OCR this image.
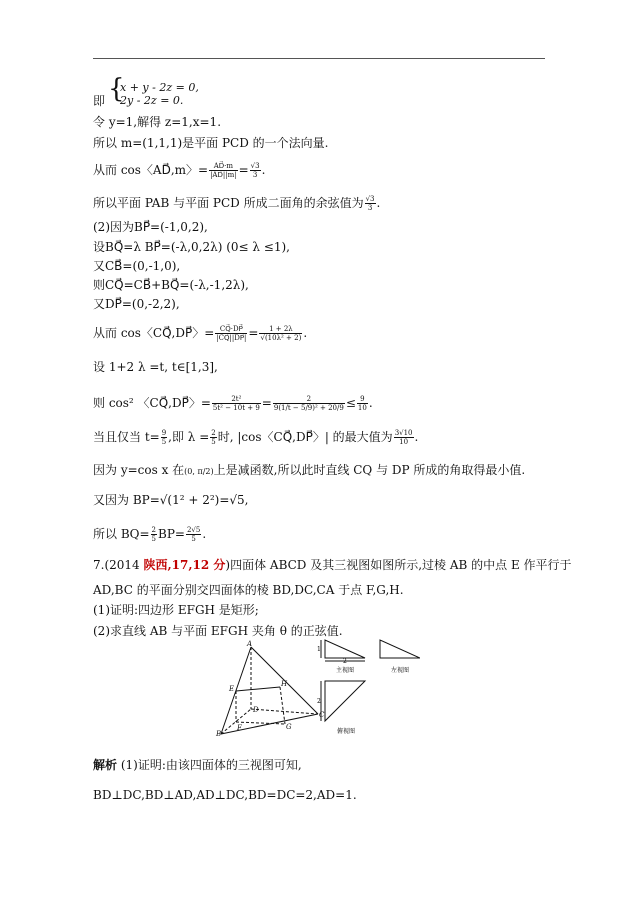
{
x + y - 2z = 0,
即 2y - 2z = 0.
令 y=1,解得 z=1,x=1.
所以 m=(1,1,1)是平面 PCD 的一个法向量.
从而 cos〈AD⃗,m〉= $\frac{AD⃗\cdot m}{|AD⃗||m|} = \frac{√3}{3}$ .
所以平面 PAB 与平面 PCD 所成二面角的余弦值为 $\frac{√3}{3}$ .
(2)因为BP⃗=(-1,0,2),
设BQ⃗=λ BP⃗=(-λ,0,2λ) (0≤ λ ≤1),
又CB⃗=(0,-1,0),
则CQ⃗=CB⃗+BQ⃗=(-λ,-1,2λ),
又DP⃗=(0,-2,2),
从而 cos〈CQ⃗,DP⃗〉= $\frac{CQ⃗\cdot DP⃗}{|CQ⃗||DP⃗|} = \frac{1 + 2\lambda}{\text{√(10λ² + 2)}}$ .
设 1+2 λ =t, t∈[1,3],
则 cos² 〈CQ⃗,DP⃗〉= $\frac{\text{2t²}}{\text{5t² − 10t + 9}} = \frac{2}{\text{9(1/t − 5/9)² + 20/9}} \le \frac{9}{10}$ .
当且仅当 $t= \frac{9}{5}$ ,即 $\lambda = \frac{2}{5}$ 时, |cos〈CQ⃗,DP⃗〉| 的最大值为 $\frac{3√10}{10}$ .
因为 y=cos x 在(0, π/2)上是减函数,所以此时直线 CQ 与 DP 所成的角取得最小值.
又因为 BP=√(1² + 2²)=√5,
所以 $BQ= \frac{2}{5} BP= \frac{2√5}{5}$ .
7.(2014 陕西,17,12 分)四面体 ABCD 及其三视图如图所示,过棱 AB 的中点 E 作平行于
AD,BC 的平面分别交四面体的棱 BD,DC,CA 于点 F,G,H.
(1)证明:四边形 EFGH 是矩形;
(2)求直线 AB 与平面 EFGH 夹角 θ 的正弦值.
A
B
C
D
E
F	G
H
1
2
主视图	左视图
2
俯视图
解析 (1)证明:由该四面体的三视图可知,
BD⊥DC,BD⊥AD,AD⊥DC,BD=DC=2,AD=1.
